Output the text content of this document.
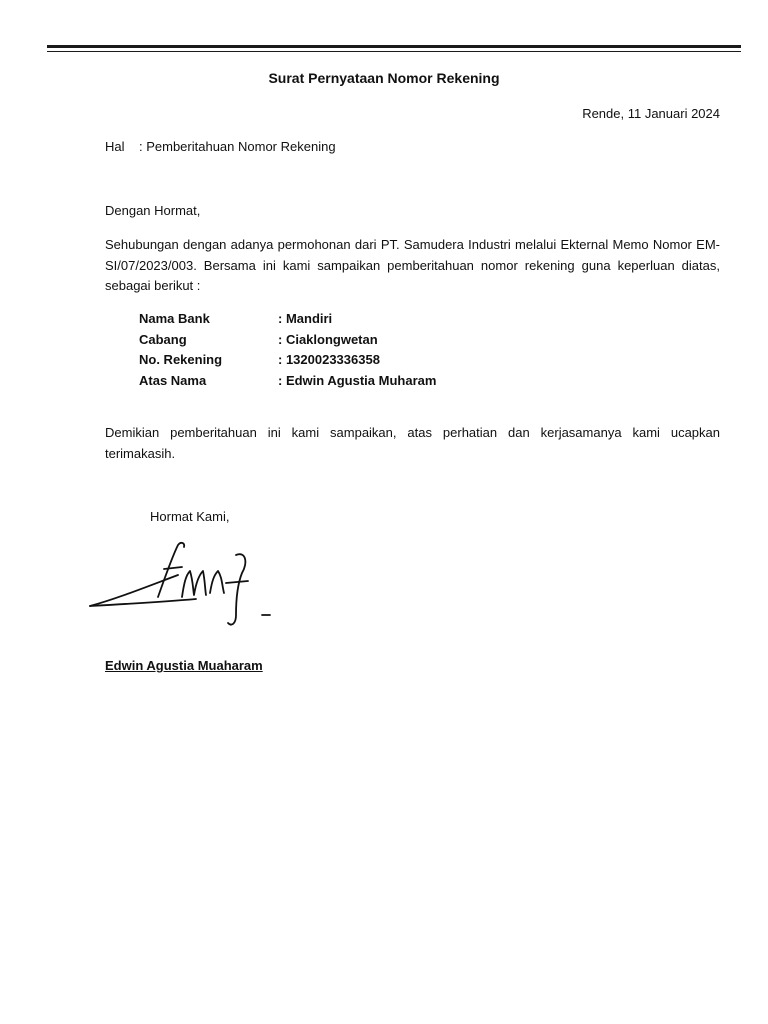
Surat Pernyataan Nomor Rekening
Rende, 11 Januari 2024
Hal : Pemberitahuan Nomor Rekening
Dengan Hormat,
Sehubungan dengan adanya permohonan dari PT. Samudera Industri melalui Ekternal Memo Nomor EM-SI/07/2023/003. Bersama ini kami sampaikan pemberitahuan nomor rekening guna keperluan diatas, sebagai berikut :
Nama Bank	: Mandiri
Cabang	: Ciaklongwetan
No. Rekening	: 1320023336358
Atas Nama	: Edwin Agustia Muharam
Demikian pemberitahuan ini kami sampaikan, atas perhatian dan kerjasamanya kami ucapkan terimakasih.
Hormat Kami,
Edwin Agustia Muaharam
